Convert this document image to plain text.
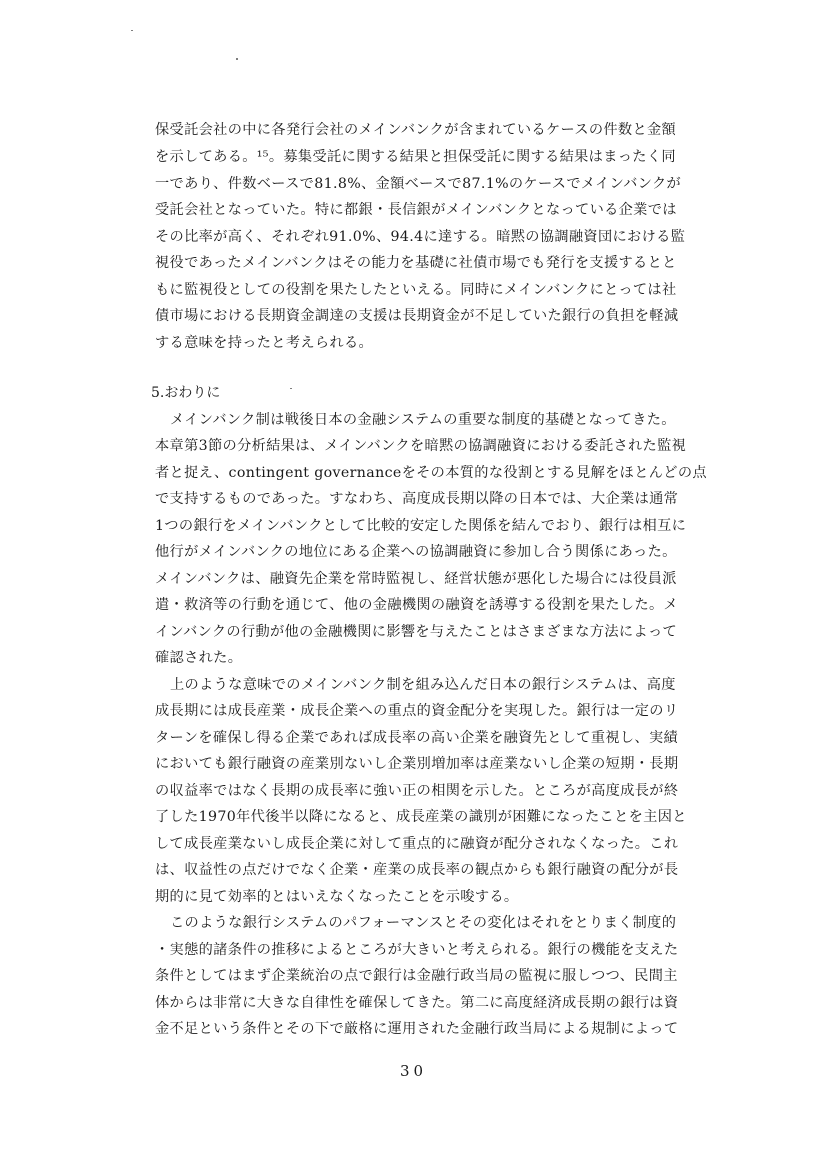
保受託会社の中に各発行会社のメインバンクが含まれているケースの件数と金額
を示してある。¹⁵。募集受託に関する結果と担保受託に関する結果はまったく同
一であり、件数ベースで81.8%、金額ベースで87.1%のケースでメインバンクが
受託会社となっていた。特に都銀・長信銀がメインバンクとなっている企業では
その比率が高く、それぞれ91.0%、94.4に達する。暗黙の協調融資団における監
視役であったメインバンクはその能力を基礎に社債市場でも発行を支援するとと
もに監視役としての役割を果たしたといえる。同時にメインバンクにとっては社
債市場における長期資金調達の支援は長期資金が不足していた銀行の負担を軽減
する意味を持ったと考えられる。
5.おわりに
メインバンク制は戦後日本の金融システムの重要な制度的基礎となってきた。
本章第3節の分析結果は、メインバンクを暗黙の協調融資における委託された監視
者と捉え、contingent governanceをその本質的な役割とする見解をほとんどの点
で支持するものであった。すなわち、高度成長期以降の日本では、大企業は通常
1つの銀行をメインバンクとして比較的安定した関係を結んでおり、銀行は相互に
他行がメインバンクの地位にある企業への協調融資に参加し合う関係にあった。
メインバンクは、融資先企業を常時監視し、経営状態が悪化した場合には役員派
遣・救済等の行動を通じて、他の金融機関の融資を誘導する役割を果たした。メ
インバンクの行動が他の金融機関に影響を与えたことはさまざまな方法によって
確認された。
上のような意味でのメインバンク制を組み込んだ日本の銀行システムは、高度
成長期には成長産業・成長企業への重点的資金配分を実現した。銀行は一定のリ
ターンを確保し得る企業であれば成長率の高い企業を融資先として重視し、実績
においても銀行融資の産業別ないし企業別増加率は産業ないし企業の短期・長期
の収益率ではなく長期の成長率に強い正の相関を示した。ところが高度成長が終
了した1970年代後半以降になると、成長産業の識別が困難になったことを主因と
して成長産業ないし成長企業に対して重点的に融資が配分されなくなった。これ
は、収益性の点だけでなく企業・産業の成長率の観点からも銀行融資の配分が長
期的に見て効率的とはいえなくなったことを示唆する。
このような銀行システムのパフォーマンスとその変化はそれをとりまく制度的
・実態的諸条件の推移によるところが大きいと考えられる。銀行の機能を支えた
条件としてはまず企業統治の点で銀行は金融行政当局の監視に服しつつ、民間主
体からは非常に大きな自律性を確保してきた。第二に高度経済成長期の銀行は資
金不足という条件とその下で厳格に運用された金融行政当局による規制によって
30
